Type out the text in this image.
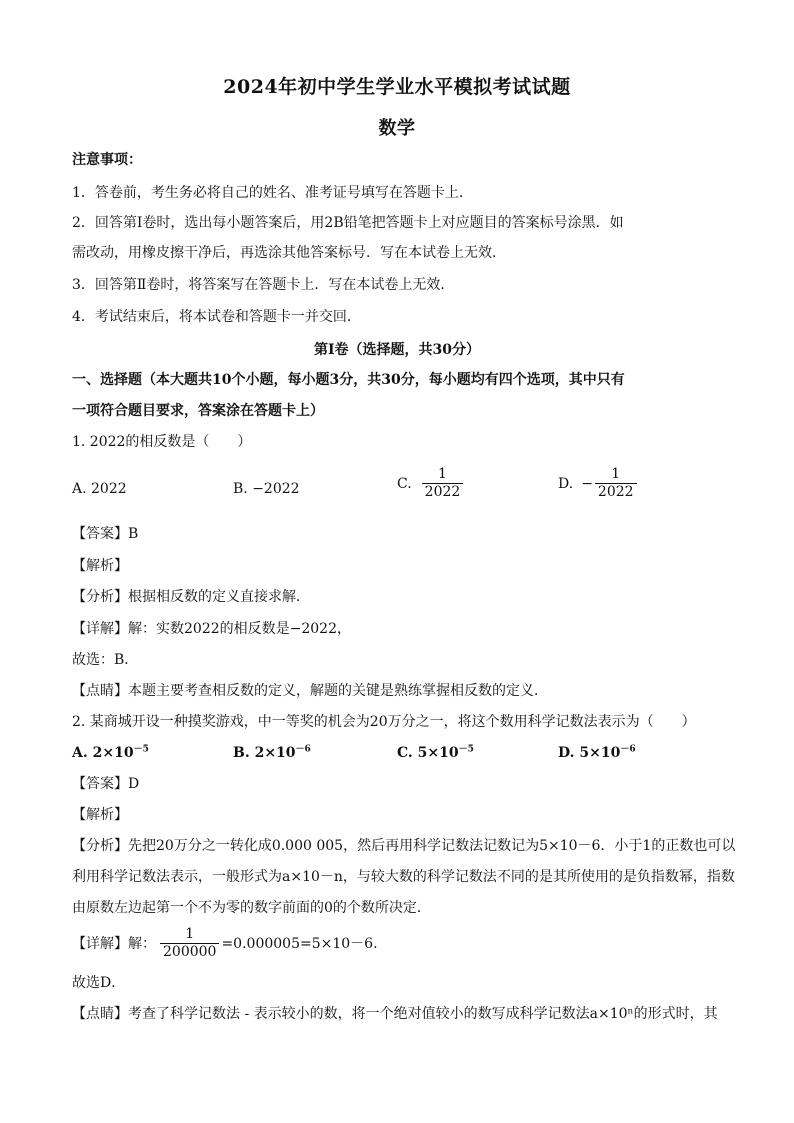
2024年初中学生学业水平模拟考试试题
数学
注意事项：
1．答卷前，考生务必将自己的姓名、准考证号填写在答题卡上．
2．回答第Ⅰ卷时，选出每小题答案后，用2B铅笔把答题卡上对应题目的答案标号涂黑．如
需改动，用橡皮擦干净后，再选涂其他答案标号．写在本试卷上无效．
3．回答第Ⅱ卷时，将答案写在答题卡上．写在本试卷上无效．
4．考试结束后，将本试卷和答题卡一并交回．
第Ⅰ卷（选择题，共30分）
一、选择题（本大题共10个小题，每小题3分，共30分，每小题均有四个选项，其中只有
一项符合题目要求，答案涂在答题卡上）
1. 2022的相反数是（　　）
A. 2022	B. −2022	C. $\frac{1}{2022}$	D. − $\frac{1}{2022}$
【答案】B
【解析】
【分析】根据相反数的定义直接求解．
【详解】解：实数2022的相反数是−2022，
故选：B．
【点睛】本题主要考查相反数的定义，解题的关键是熟练掌握相反数的定义．
2. 某商城开设一种摸奖游戏，中一等奖的机会为20万分之一，将这个数用科学记数法表示为（　　）
A. $2\times 10^{-5}$	B. $2\times 10^{-6}$	C. $5\times 10^{-5}$	D. $5\times 10^{-6}$
【答案】D
【解析】
【分析】先把20万分之一转化成0.000 005，然后再用科学记数法记数记为5×10－6．小于1的正数也可以
利用科学记数法表示，一般形式为a×10－n，与较大数的科学记数法不同的是其所使用的是负指数幂，指数
由原数左边起第一个不为零的数字前面的0的个数所决定．
【详解】解： $\frac{1}{200000} =0.000005=5\times 10-6$.
故选D．
【点睛】考查了科学记数法 - 表示较小的数，将一个绝对值较小的数写成科学记数法a×10ⁿ的形式时，其
